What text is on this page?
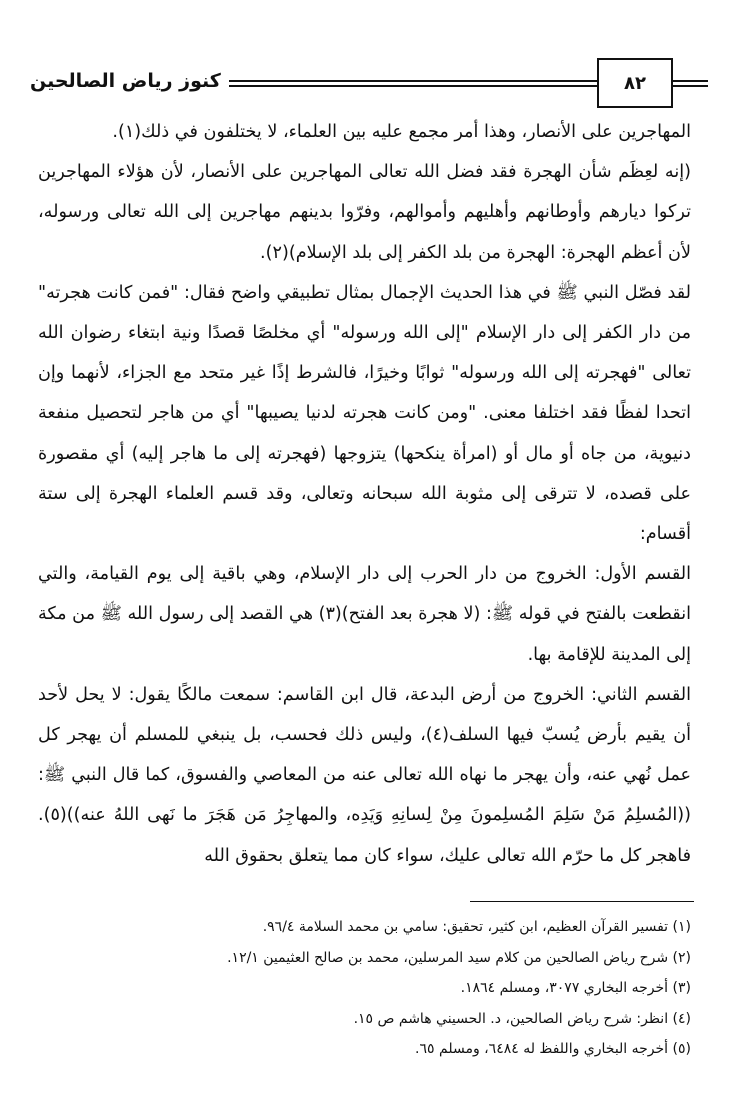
٨٢
كنوز رياض الصالحين

المهاجرين على الأنصار، وهذا أمر مجمع عليه بين العلماء، لا يختلفون في ذلك(١).

(إنه لعِظَم شأن الهجرة فقد فضل الله تعالى المهاجرين على الأنصار، لأن هؤلاء المهاجرين تركوا ديارهم وأوطانهم وأهليهم وأموالهم، وفرّوا بدينهم مهاجرين إلى الله تعالى ورسوله، لأن أعظم الهجرة: الهجرة من بلد الكفر إلى بلد الإسلام)(٢).

لقد فصّل النبي ﷺ في هذا الحديث الإجمال بمثال تطبيقي واضح فقال: "فمن كانت هجرته" من دار الكفر إلى دار الإسلام "إلى الله ورسوله" أي مخلصًا قصدًا ونية ابتغاء رضوان الله تعالى "فهجرته إلى الله ورسوله" ثوابًا وخيرًا، فالشرط إذًا غير متحد مع الجزاء، لأنهما وإن اتحدا لفظًا فقد اختلفا معنى. "ومن كانت هجرته لدنيا يصيبها" أي من هاجر لتحصيل منفعة دنيوية، من جاه أو مال أو (امرأة ينكحها) يتزوجها (فهجرته إلى ما هاجر إليه) أي مقصورة على قصده، لا تترقى إلى مثوبة الله سبحانه وتعالى، وقد قسم العلماء الهجرة إلى ستة أقسام:

القسم الأول: الخروج من دار الحرب إلى دار الإسلام، وهي باقية إلى يوم القيامة، والتي انقطعت بالفتح في قوله ﷺ: (لا هجرة بعد الفتح)(٣) هي القصد إلى رسول الله ﷺ من مكة إلى المدينة للإقامة بها.

القسم الثاني: الخروج من أرض البدعة، قال ابن القاسم: سمعت مالكًا يقول: لا يحل لأحد أن يقيم بأرض يُسبّ فيها السلف(٤)، وليس ذلك فحسب، بل ينبغي للمسلم أن يهجر كل عمل نُهي عنه، وأن يهجر ما نهاه الله تعالى عنه من المعاصي والفسوق، كما قال النبي ﷺ: ((المُسلِمُ مَنْ سَلِمَ المُسلِمونَ مِنْ لِسانِهِ وَيَدِه، والمهاجِرُ مَن هَجَرَ ما نَهى اللهُ عنه))(٥). فاهجر كل ما حرّم الله تعالى عليك، سواء كان مما يتعلق بحقوق الله

(١) تفسير القرآن العظيم، ابن كثير، تحقيق: سامي بن محمد السلامة ٩٦/٤.
(٢) شرح رياض الصالحين من كلام سيد المرسلين، محمد بن صالح العثيمين ١٢/١.
(٣) أخرجه البخاري ٣٠٧٧، ومسلم ١٨٦٤.
(٤) انظر: شرح رياض الصالحين، د. الحسيني هاشم ص ١٥.
(٥) أخرجه البخاري واللفظ له ٦٤٨٤، ومسلم ٦٥.
